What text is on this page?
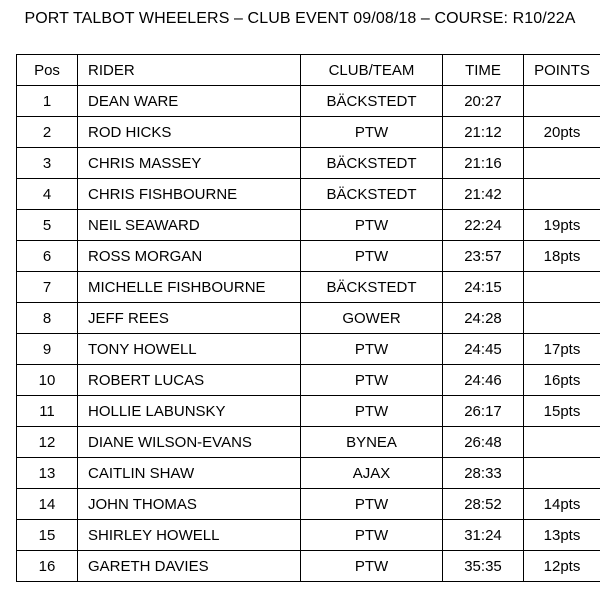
PORT TALBOT WHEELERS – CLUB EVENT 09/08/18 – COURSE: R10/22A
Pos	RIDER	CLUB/TEAM	TIME	POINTS
1	DEAN WARE	BÄCKSTEDT	20:27	
2	ROD HICKS	PTW	21:12	20pts
3	CHRIS MASSEY	BÄCKSTEDT	21:16	
4	CHRIS FISHBOURNE	BÄCKSTEDT	21:42	
5	NEIL SEAWARD	PTW	22:24	19pts
6	ROSS MORGAN	PTW	23:57	18pts
7	MICHELLE FISHBOURNE	BÄCKSTEDT	24:15	
8	JEFF REES	GOWER	24:28	
9	TONY HOWELL	PTW	24:45	17pts
10	ROBERT LUCAS	PTW	24:46	16pts
11	HOLLIE LABUNSKY	PTW	26:17	15pts
12	DIANE WILSON-EVANS	BYNEA	26:48	
13	CAITLIN SHAW	AJAX	28:33	
14	JOHN THOMAS	PTW	28:52	14pts
15	SHIRLEY HOWELL	PTW	31:24	13pts
16	GARETH DAVIES	PTW	35:35	12pts
